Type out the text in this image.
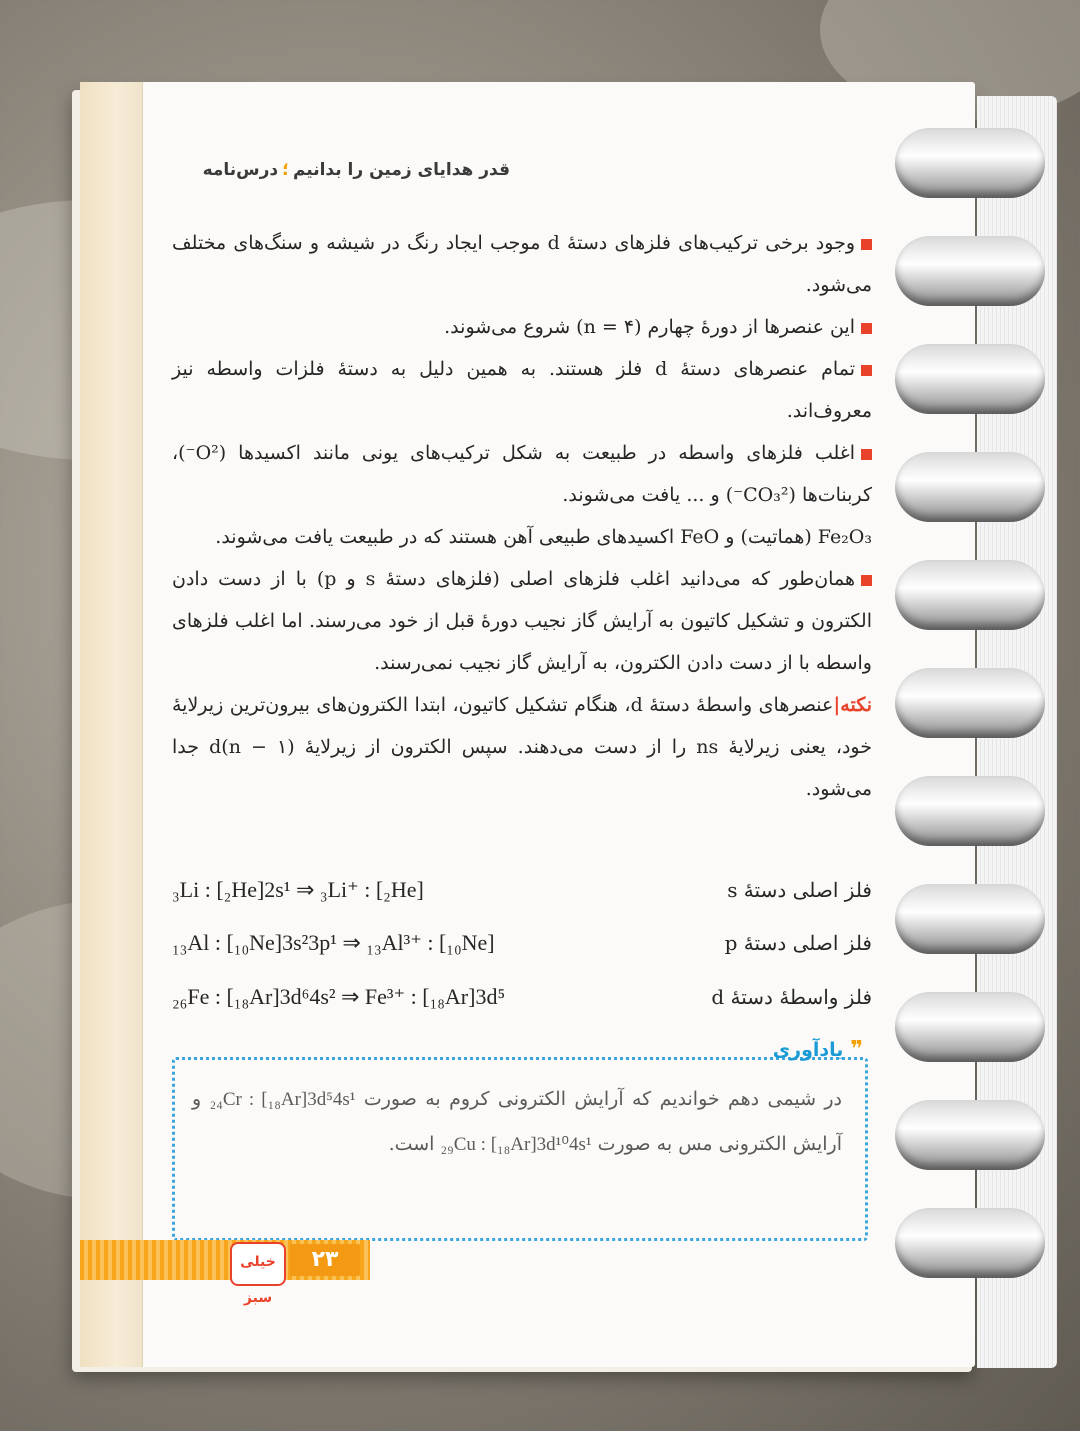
قدر هدایای زمین را بدانیم؛درس‌نامه

وجود برخی ترکیب‌های فلزهای دستهٔ d موجب ایجاد رنگ در شیشه و سنگ‌های مختلف می‌شود.

این عنصرها از دورهٔ چهارم (n = ۴) شروع می‌شوند.

تمام عنصرهای دستهٔ d فلز هستند. به همین دلیل به دستهٔ فلزات واسطه نیز معروف‌اند.

اغلب فلزهای واسطه در طبیعت به شکل ترکیب‌های یونی مانند اکسیدها (O²⁻)، کربنات‌ها (CO₃²⁻) و ... یافت می‌شوند.

Fe₂O₃ (هماتیت) و FeO اکسیدهای طبیعی آهن هستند که در طبیعت یافت می‌شوند.

همان‌طور که می‌دانید اغلب فلزهای اصلی (فلزهای دستهٔ s و p) با از دست دادن الکترون و تشکیل کاتیون به آرایش گاز نجیب دورهٔ قبل از خود می‌رسند. اما اغلب فلزهای واسطه با از دست دادن الکترون، به آرایش گاز نجیب نمی‌رسند.

نکته|عنصرهای واسطهٔ دستهٔ d، هنگام تشکیل کاتیون، ابتدا الکترون‌های بیرون‌ترین زیرلایهٔ خود، یعنی زیرلایهٔ ns را از دست می‌دهند. سپس الکترون از زیرلایهٔ (n − ۱)d جدا می‌شود.

فلز اصلی دستهٔ s
₃Li : [₂He]2s¹ ⇒ ₃Li⁺ : [₂He]
فلز اصلی دستهٔ p
₁₃Al : [₁₀Ne]3s²3p¹ ⇒ ₁₃Al³⁺ : [₁₀Ne]
فلز واسطهٔ دستهٔ d
₂₆Fe : [₁₈Ar]3d⁶4s² ⇒ Fe³⁺ : [₁₈Ar]3d⁵
❞ یادآوری
در شیمی دهم خواندیم که آرایش الکترونی کروم به صورت ₂₄Cr : [₁₈Ar]3d⁵4s¹ و آرایش الکترونی مس به صورت ₂₉Cu : [₁₈Ar]3d¹⁰4s¹ است.
خیلی سبز
۲۳
